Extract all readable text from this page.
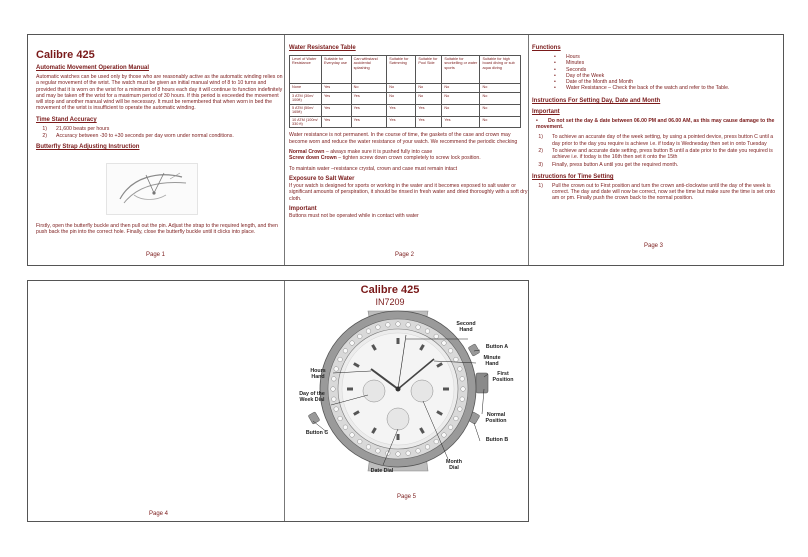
Calibre 425
Automatic Movement Operation Manual
Automatic watches can be used only by those who are reasonably active as the automatic winding relies on a regular movement of the wrist. The watch must be given an initial manual wind of 8 to 10 turns and provided that it is worn on the wrist for a minimum of 8 hours each day it will continue to function indefinitely and may be taken off the wrist for a maximum period of 30 hours. If this period is exceeded the movement will stop and another manual wind will be necessary. It must be remembered that when worn in bed the movement of the wrist is insufficient to operate the automatic winding.
Time Stand Accuracy
1)	21,600 beats per hours
2)	Accuracy between -30 to +30 seconds per day worn under normal conditions.
Butterfly Strap Adjusting Instruction
Firstly, open the butterfly buckle and then pull out the pin. Adjust the strap to the required length, and then push back the pin into the correct hole. Finally, close the butterfly buckle until it clicks into place.
Page 1
Water Resistance Table
Level of Water Resistance	Suitable for Everyday use	Can withstand accidental splashing	Suitable for Swimming	Suitable for Pool Side	Suitable for snorkelling or water sports	Suitable for high board diving or sub aqua diving
None	Yes	No	No	No	No	No
3 ATM (30m/ 100ft)	Yes	Yes	No	No	No	No
5 ATM (50m/ 165ft)	Yes	Yes	Yes	Yes	No	No
10 ATM (100m/ 330 ft)	Yes	Yes	Yes	Yes	Yes	No
Water resistance is not permanent. In the course of time, the gaskets of the case and crown may become worn and reduce the water resistance of your watch. We recommend the periodic checking
Normal Crown – always make sure it is pushed fully into case
Screw down Crown – tighten screw down crown completely to screw lock position.
To maintain water –resistance crystal, crown and case must remain intact
Exposure to Salt Water
If your watch is designed for sports or working in the water and it becomes exposed to salt water or significant amounts of perspiration, it should be rinsed in fresh water and dried thoroughly with a soft dry cloth.
Important
Buttons must not be operated while in contact with water
Page 2
Functions
• Hours
• Minutes
• Seconds
• Day of the Week
• Date of the Month and Month
• Water Resistance – Check the back of the watch and refer to the Table.
Instructions For Setting Day, Date and Month
Important
• Do not set the day & date between 06.00 PM and 06.00 AM, as this may cause damage to the movement.
1)	To achieve an accurate day of the week setting, by using a pointed device, press button C until a day prior to the day you require is achieve i.e. if today is Wednesday then set in onto Tuesday
2)	To achieve and accurate date setting, press button B until a date prior to the date you required is achieve i.e. if today is the 16th then set it onto the 15th
3)	Finally, press button A until you get the required month.
Instructions for Time Setting
1)	Pull the crown out to First position and turn the crown anti-clockwise until the day of the week is correct. The day and date will now be correct, now set the time but make sure the time is set onto am or pm. Finally push the crown back to the normal position.
Page 3
Page 4
Calibre 425
IN7209
Second Hand
Button A
Minute Hand
First Position
Hours Hand
Day of the Week Dial
Normal Position
Button C
Button B
Month Dial
Date Dial
Page 5
